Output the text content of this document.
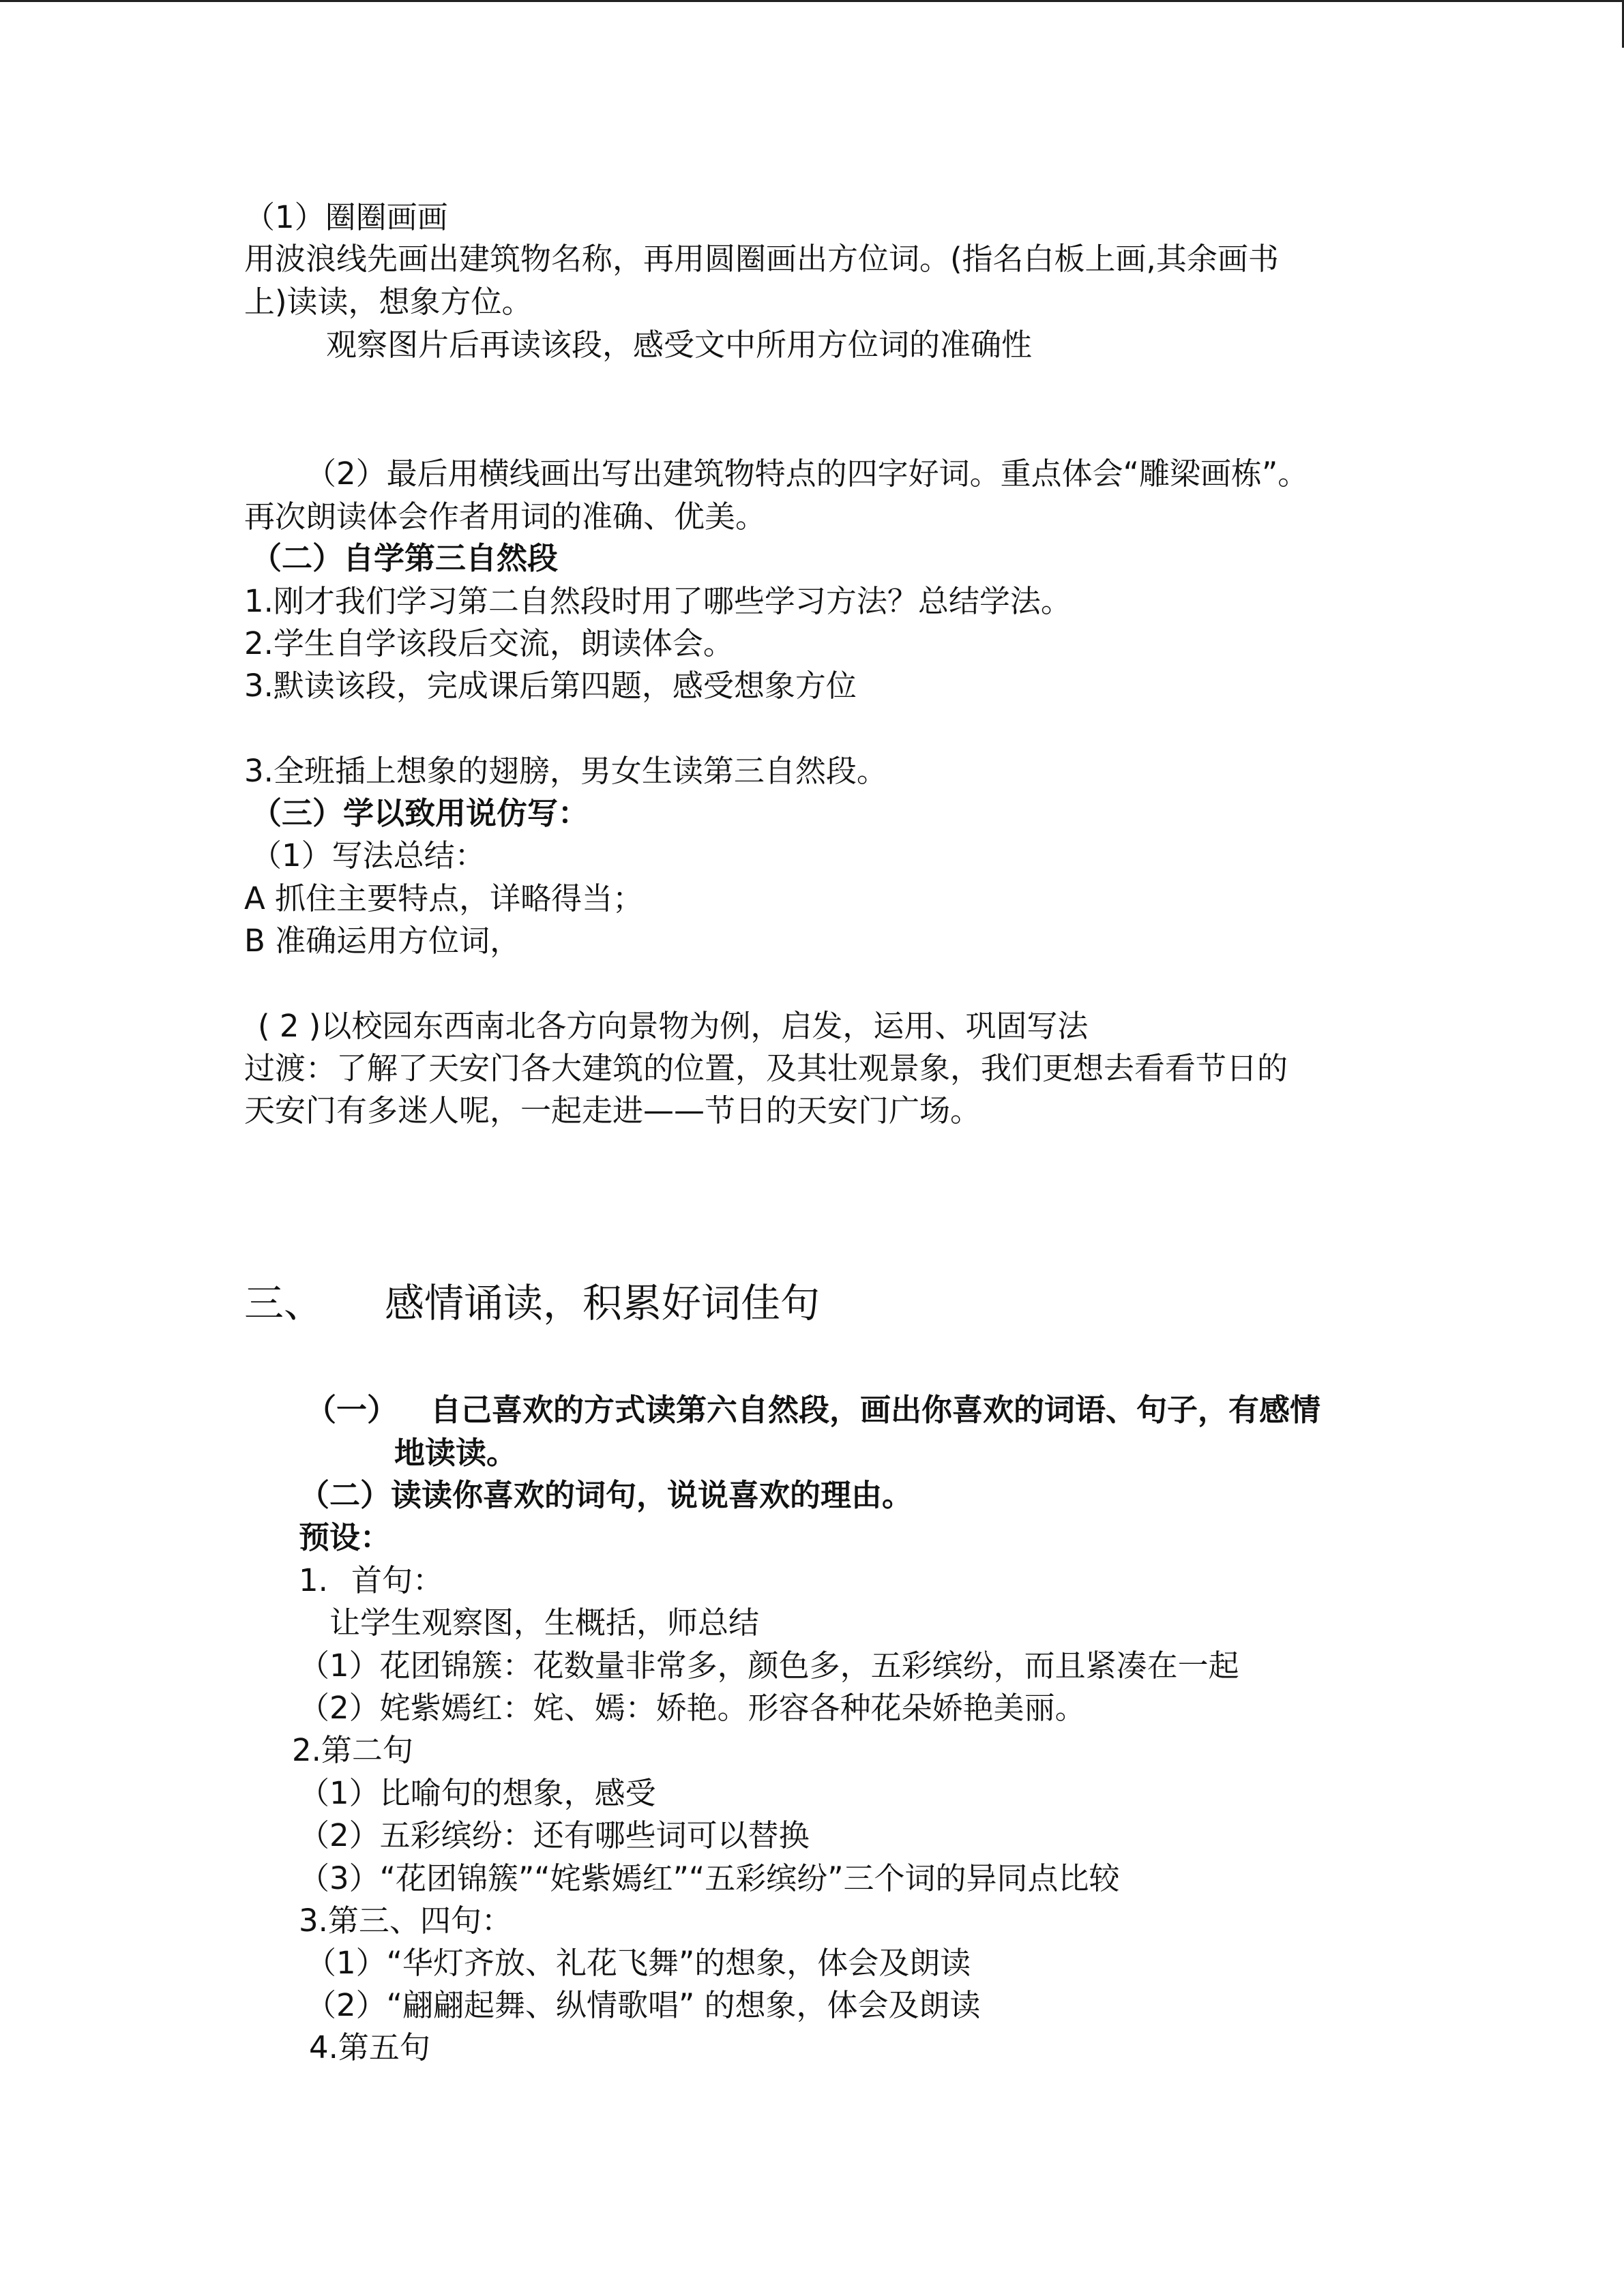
（1）圈圈画画
用波浪线先画出建筑物名称，再用圆圈画出方位词。(指名白板上画,其余画书
上)读读，想象方位。
观察图片后再读该段，感受文中所用方位词的准确性
（2）最后用横线画出写出建筑物特点的四字好词。重点体会“雕梁画栋”。
再次朗读体会作者用词的准确、优美。
（二）自学第三自然段
1.刚才我们学习第二自然段时用了哪些学习方法？总结学法。
2.学生自学该段后交流，朗读体会。
3.默读该段，完成课后第四题，感受想象方位
3.全班插上想象的翅膀，男女生读第三自然段。
（三）学以致用说仿写：
（1）写法总结：
A 抓住主要特点，详略得当；
B 准确运用方位词，
( 2 )以校园东西南北各方向景物为例，启发，运用、巩固写法
过渡：了解了天安门各大建筑的位置，及其壮观景象，我们更想去看看节日的
天安门有多迷人呢，一起走进——节日的天安门广场。
三、 感情诵读，积累好词佳句
（一） 自己喜欢的方式读第六自然段，画出你喜欢的词语、句子，有感情
地读读。
（二）读读你喜欢的词句，说说喜欢的理由。
预设：
1. 首句：
让学生观察图，生概括，师总结
（1）花团锦簇：花数量非常多，颜色多，五彩缤纷，而且紧凑在一起
（2）姹紫嫣红：姹、嫣：娇艳。形容各种花朵娇艳美丽。
2.第二句
（1）比喻句的想象，感受
（2）五彩缤纷：还有哪些词可以替换
（3）“花团锦簇”“姹紫嫣红”“五彩缤纷”三个词的异同点比较
3.第三、四句：
（1）“华灯齐放、礼花飞舞”的想象，体会及朗读
（2）“翩翩起舞、纵情歌唱” 的想象，体会及朗读
4.第五句
